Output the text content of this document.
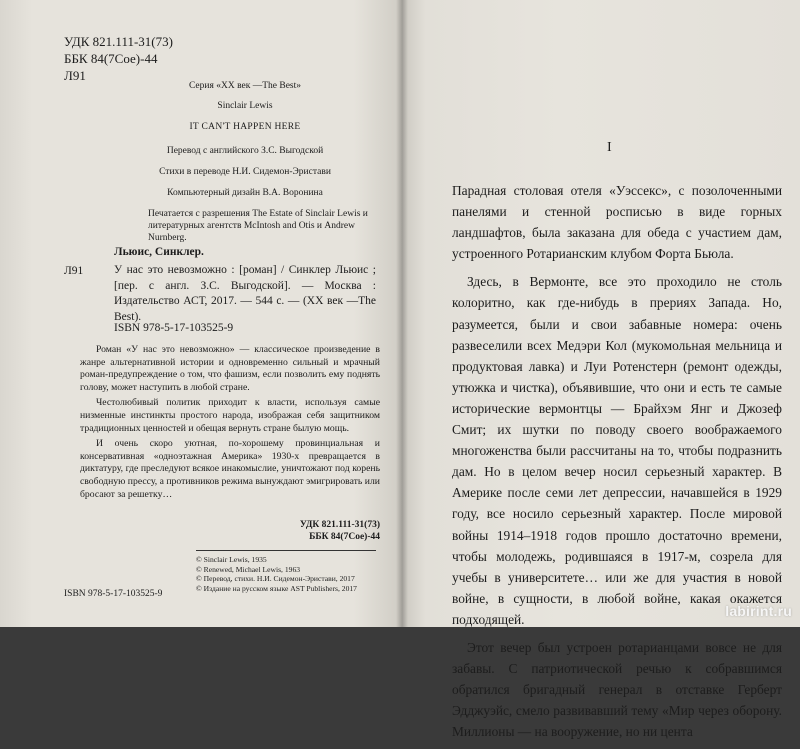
УДК 821.111-31(73)
ББК 84(7Сое)-44
Л91
Серия «XX век —The Best»
Sinclair Lewis
IT CAN'T HAPPEN HERE
Перевод с английского З.С. Выгодской
Стихи в переводе Н.И. Сидемон-Эристави
Компьютерный дизайн В.А. Воронина
Печатается с разрешения The Estate of Sinclair Lewis и литературных агентств McIntosh and Otis и Andrew Nurnberg.
Льюис, Синклер.
Л91	У нас это невозможно : [роман] / Синклер Льюис ; [пер. с англ. З.С. Выгодской]. — Москва : Издательство АСТ, 2017. — 544 с. — (XX век —The Best).
ISBN 978-5-17-103525-9

Роман «У нас это невозможно» — классическое произведение в жанре альтернативной истории и одновременно сильный и мрачный роман-предупреждение о том, что фашизм, если позволить ему поднять голову, может наступить в любой стране.

Честолюбивый политик приходит к власти, используя самые низменные инстинкты простого народа, изображая себя защитником традиционных ценностей и обещая вернуть стране былую мощь.

И очень скоро уютная, по-хорошему провинциальная и консервативная «одноэтажная Америка» 1930-х превращается в диктатуру, где преследуют всякое инакомыслие, уничтожают под корень свободную прессу, а противников режима вынуждают эмигрировать или бросают за решетку…

УДК 821.111-31(73)
ББК 84(7Сое)-44
© Sinclair Lewis, 1935
© Renewed, Michael Lewis, 1963
© Перевод, стихи. Н.И. Сидемон-Эристави, 2017
© Издание на русском языке AST Publishers, 2017
ISBN 978-5-17-103525-9
I

Парадная столовая отеля «Уэссекс», с позолоченными панелями и стенной росписью в виде горных ландшафтов, была заказана для обеда с участием дам, устроенного Ротарианским клубом Форта Бьюла.

Здесь, в Вермонте, все это проходило не столь колоритно, как где-нибудь в прериях Запада. Но, разумеется, были и свои забавные номера: очень развеселили всех Медэри Кол (мукомольная мельница и продуктовая лавка) и Луи Ротенстерн (ремонт одежды, утюжка и чистка), объявившие, что они и есть те самые исторические вермонтцы — Брайхэм Янг и Джозеф Смит; их шутки по поводу своего воображаемого многоженства были рассчитаны на то, чтобы подразнить дам. Но в целом вечер носил серьезный характер. В Америке после семи лет депрессии, начавшейся в 1929 году, все носило серьезный характер. После мировой войны 1914–1918 годов прошло достаточно времени, чтобы молодежь, родившаяся в 1917-м, созрела для учебы в университете… или же для участия в новой войне, в сущности, в любой войне, какая окажется подходящей.

Этот вечер был устроен ротарианцами вовсе не для забавы. С патриотической речью к собравшимся обратился бригадный генерал в отставке Герберт Эдджуэйс, смело развивавший тему «Мир через оборону. Миллионы — на вооружение, но ни цента

labirint.ru
